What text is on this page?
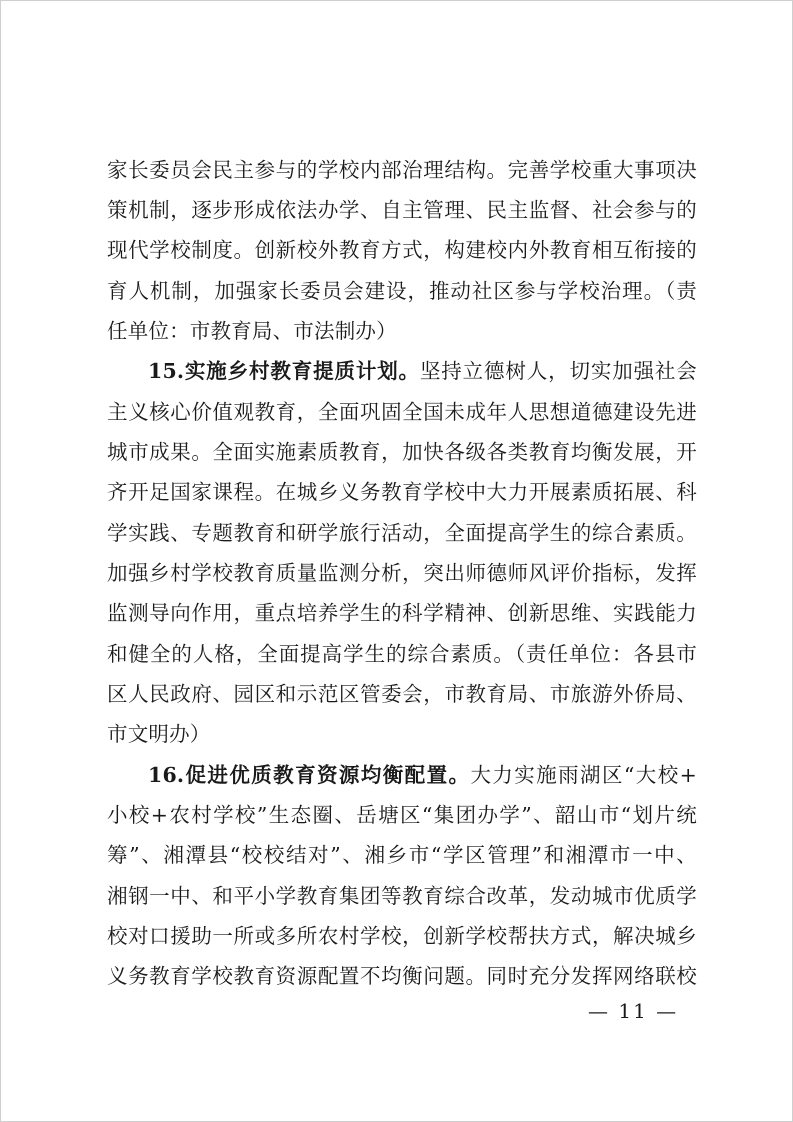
家长委员会民主参与的学校内部治理结构。完善学校重大事项决
策机制，逐步形成依法办学、自主管理、民主监督、社会参与的
现代学校制度。创新校外教育方式，构建校内外教育相互衔接的
育人机制，加强家长委员会建设，推动社区参与学校治理。（责
任单位：市教育局、市法制办）
15.实施乡村教育提质计划。坚持立德树人，切实加强社会
主义核心价值观教育，全面巩固全国未成年人思想道德建设先进
城市成果。全面实施素质教育，加快各级各类教育均衡发展，开
齐开足国家课程。在城乡义务教育学校中大力开展素质拓展、科
学实践、专题教育和研学旅行活动，全面提高学生的综合素质。
加强乡村学校教育质量监测分析，突出师德师风评价指标，发挥
监测导向作用，重点培养学生的科学精神、创新思维、实践能力
和健全的人格，全面提高学生的综合素质。（责任单位：各县市
区人民政府、园区和示范区管委会，市教育局、市旅游外侨局、
市文明办）
16.促进优质教育资源均衡配置。大力实施雨湖区“大校+
小校+农村学校”生态圈、岳塘区“集团办学”、韶山市“划片统
筹”、湘潭县“校校结对”、湘乡市“学区管理”和湘潭市一中、
湘钢一中、和平小学教育集团等教育综合改革，发动城市优质学
校对口援助一所或多所农村学校，创新学校帮扶方式，解决城乡
义务教育学校教育资源配置不均衡问题。同时充分发挥网络联校
— 11 —
